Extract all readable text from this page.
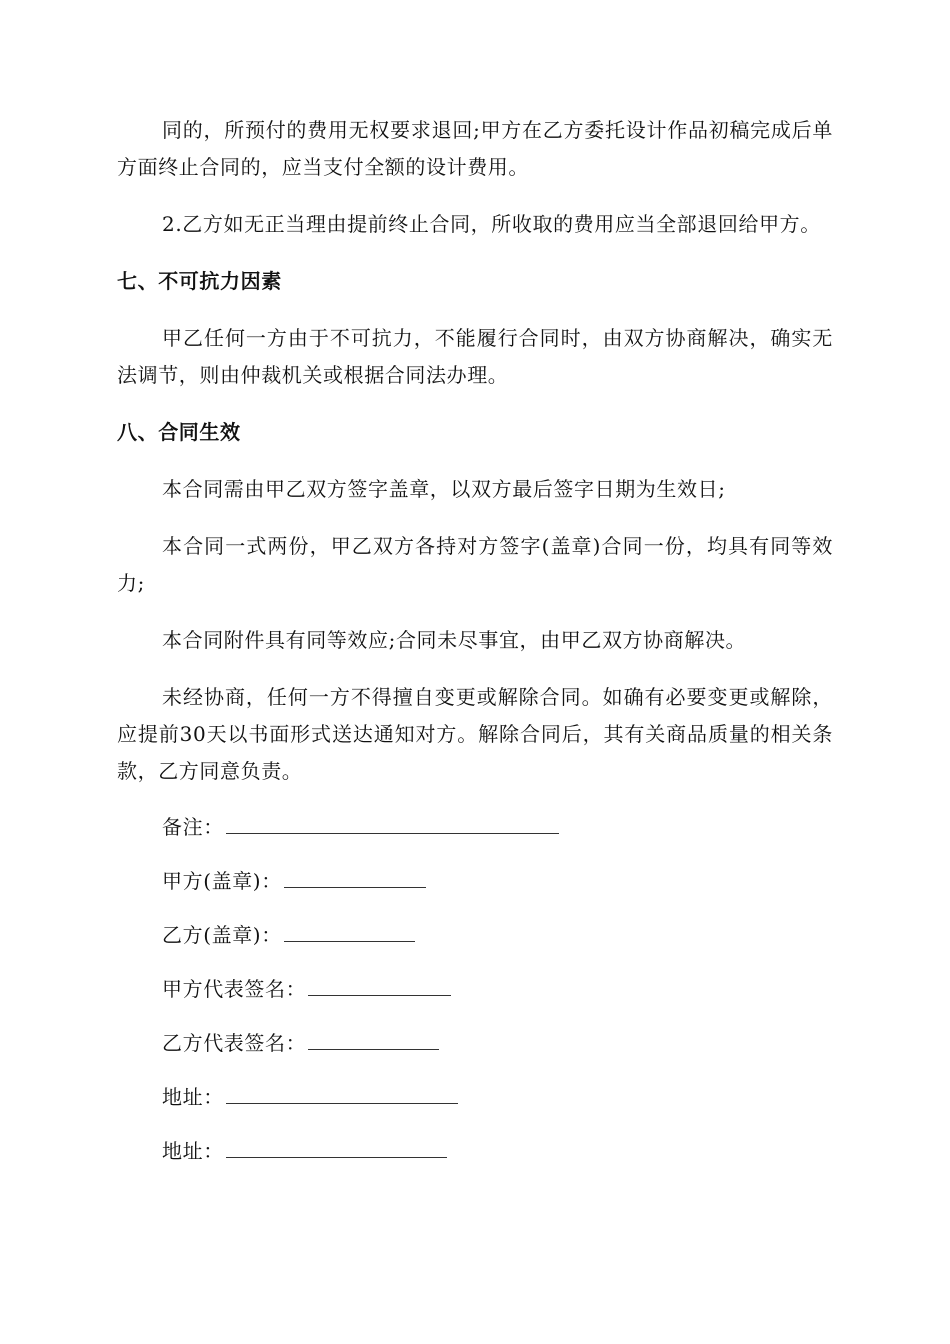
同的，所预付的费用无权要求退回;甲方在乙方委托设计作品初稿完成后单方面终止合同的，应当支付全额的设计费用。

2.乙方如无正当理由提前终止合同，所收取的费用应当全部退回给甲方。

七、不可抗力因素

甲乙任何一方由于不可抗力，不能履行合同时，由双方协商解决，确实无法调节，则由仲裁机关或根据合同法办理。

八、合同生效

本合同需由甲乙双方签字盖章，以双方最后签字日期为生效日;

本合同一式两份，甲乙双方各持对方签字(盖章)合同一份，均具有同等效力;

本合同附件具有同等效应;合同未尽事宜，由甲乙双方协商解决。

未经协商，任何一方不得擅自变更或解除合同。如确有必要变更或解除，应提前30天以书面形式送达通知对方。解除合同后，其有关商品质量的相关条款，乙方同意负责。

备注：
甲方(盖章)：
乙方(盖章)：
甲方代表签名：
乙方代表签名：
地址：
地址：
